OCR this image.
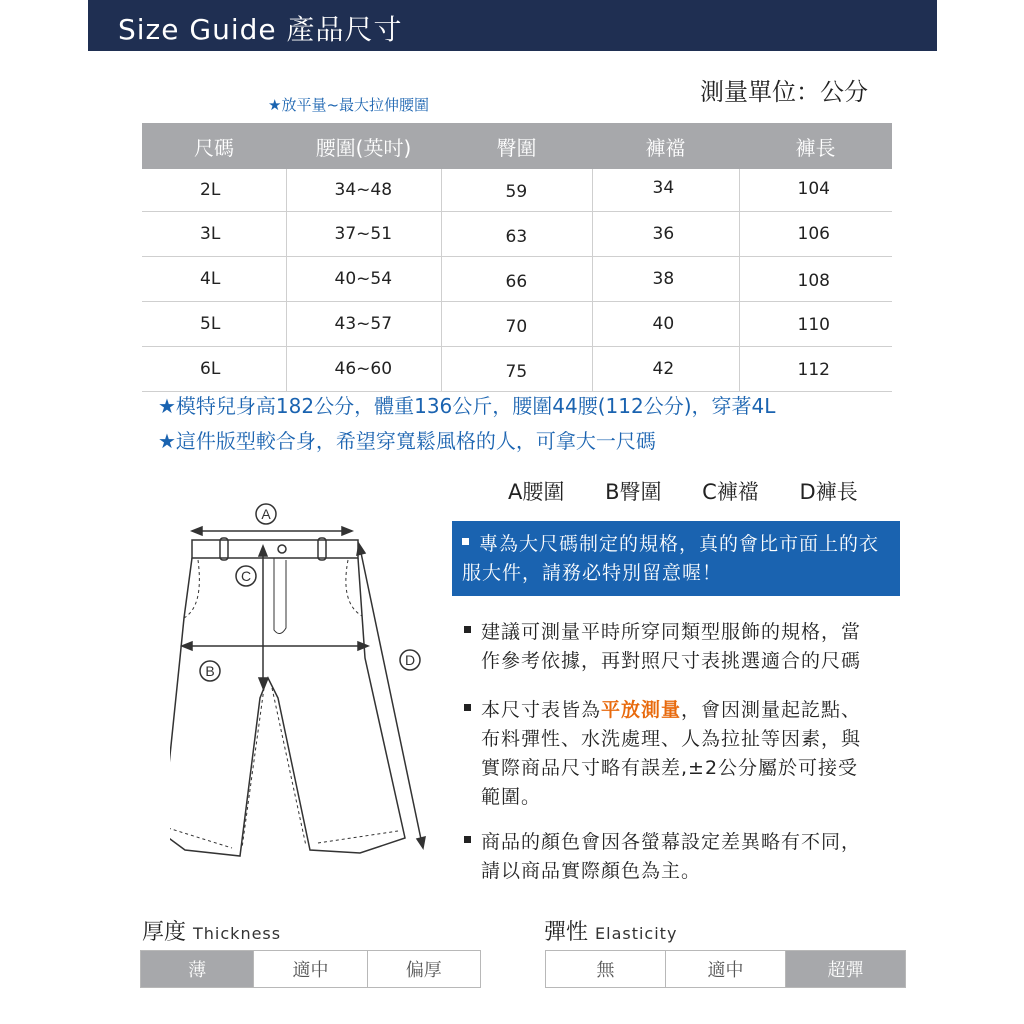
Size Guide 產品尺寸
測量單位：公分
★放平量~最大拉伸腰圍
尺碼	腰圍(英吋)	臀圍	褲襠	褲長
2L	34~48	59	34	104
3L	37~51	63	36	106
4L	40~54	66	38	108
5L	43~57	70	40	110
6L	46~60	75	42	112
★模特兒身高182公分，體重136公斤，腰圍44腰(112公分)，穿著4L
★這件版型較合身，希望穿寬鬆風格的人，可拿大一尺碼
A腰圍 B臀圍 C褲襠 D褲長
A
C
B
D
專為大尺碼制定的規格，真的會比市面上的衣服大件，請務必特別留意喔！
建議可測量平時所穿同類型服飾的規格，當
作參考依據，再對照尺寸表挑選適合的尺碼
本尺寸表皆為平放測量，會因測量起訖點、
布料彈性、水洗處理、人為拉扯等因素，與
實際商品尺寸略有誤差,±2公分屬於可接受
範圍。
商品的顏色會因各螢幕設定差異略有不同，
請以商品實際顏色為主。
厚度 Thickness
薄	適中	偏厚
彈性 Elasticity
無	適中	超彈
